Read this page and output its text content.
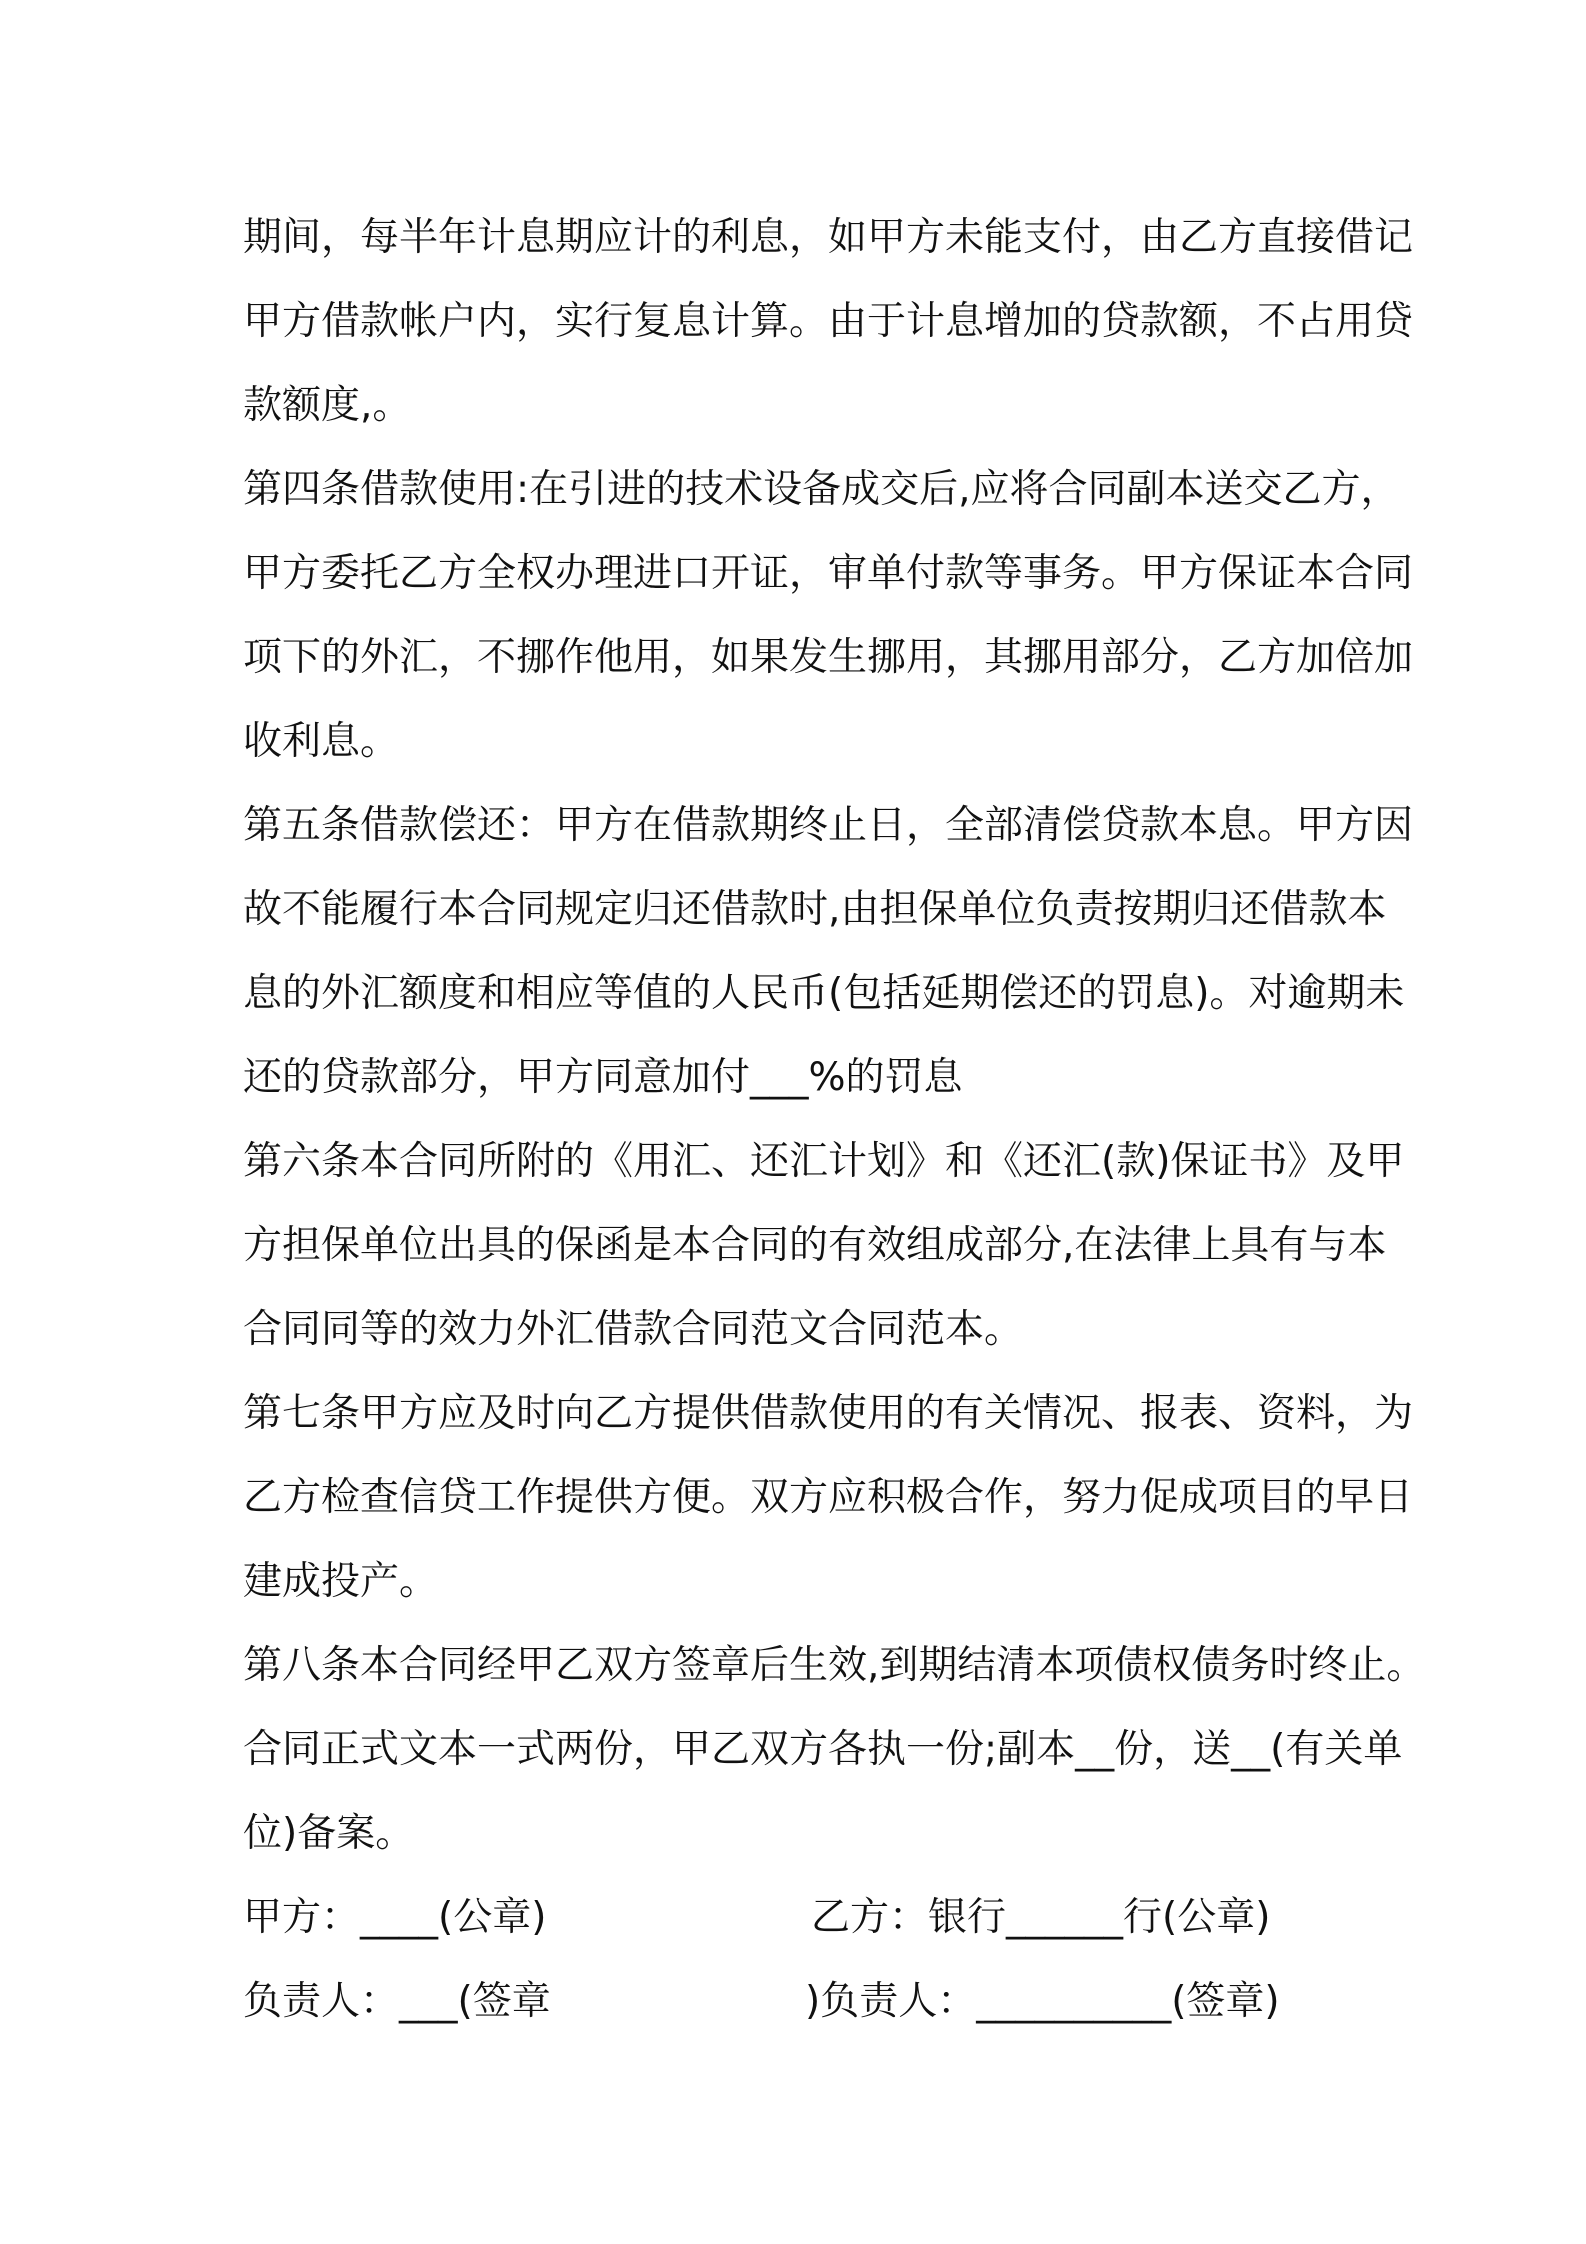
期间，每半年计息期应计的利息，如甲方未能支付，由乙方直接借记
甲方借款帐户内，实行复息计算。由于计息增加的贷款额，不占用贷
款额度,。
第四条借款使用:在引进的技术设备成交后,应将合同副本送交乙方，
甲方委托乙方全权办理进口开证，审单付款等事务。甲方保证本合同
项下的外汇，不挪作他用，如果发生挪用，其挪用部分，乙方加倍加
收利息。
第五条借款偿还：甲方在借款期终止日，全部清偿贷款本息。甲方因
故不能履行本合同规定归还借款时,由担保单位负责按期归还借款本
息的外汇额度和相应等值的人民币(包括延期偿还的罚息)。对逾期未
还的贷款部分，甲方同意加付___%的罚息
第六条本合同所附的《用汇、还汇计划》和《还汇(款)保证书》及甲
方担保单位出具的保函是本合同的有效组成部分,在法律上具有与本
合同同等的效力外汇借款合同范文合同范本。
第七条甲方应及时向乙方提供借款使用的有关情况、报表、资料，为
乙方检查信贷工作提供方便。双方应积极合作，努力促成项目的早日
建成投产。
第八条本合同经甲乙双方签章后生效,到期结清本项债权债务时终止。
合同正式文本一式两份，甲乙双方各执一份;副本__份，送__(有关单
位)备案。
甲方：____(公章)	乙方：银行______行(公章)
负责人：___(签章	)负责人：__________(签章)
